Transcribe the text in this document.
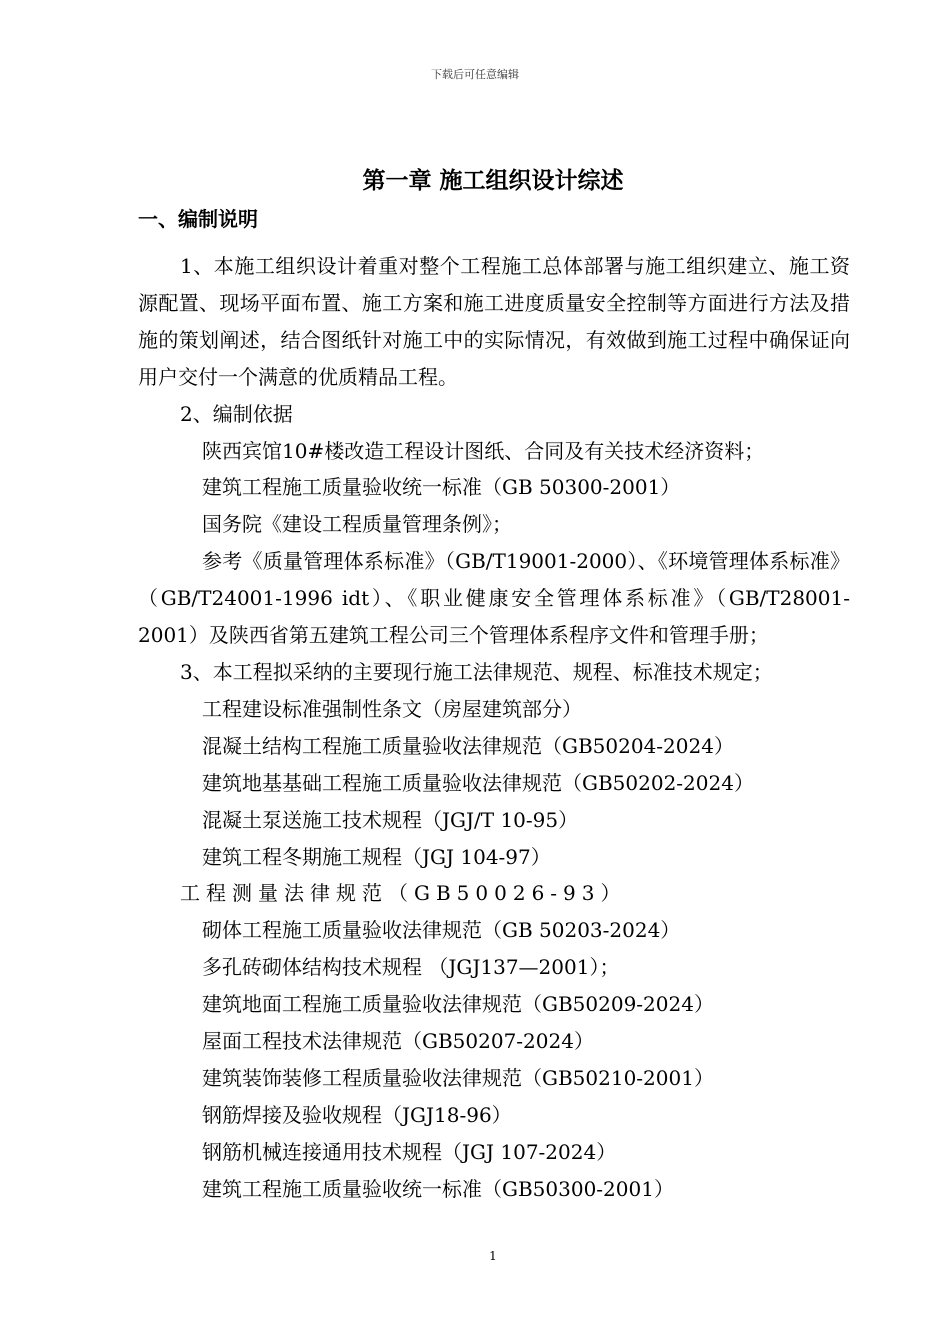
下载后可任意编辑
第一章 施工组织设计综述
一、编制说明

1、本施工组织设计着重对整个工程施工总体部署与施工组织建立、施工资源配置、现场平面布置、施工方案和施工进度质量安全控制等方面进行方法及措施的策划阐述，结合图纸针对施工中的实际情况，有效做到施工过程中确保证向用户交付一个满意的优质精品工程。

2、编制依据

陕西宾馆10#楼改造工程设计图纸、合同及有关技术经济资料；

建筑工程施工质量验收统一标准（GB 50300-2001）

国务院《建设工程质量管理条例》；

参考《质量管理体系标准》（GB/T19001-2000）、《环境管理体系标准》（GB/T24001-1996 idt）、《职业健康安全管理体系标准》（GB/T28001-2001）及陕西省第五建筑工程公司三个管理体系程序文件和管理手册；

3、本工程拟采纳的主要现行施工法律规范、规程、标准技术规定；

工程建设标准强制性条文（房屋建筑部分）

混凝土结构工程施工质量验收法律规范（GB50204-2024）

建筑地基基础工程施工质量验收法律规范（GB50202-2024）

混凝土泵送施工技术规程（JGJ/T 10-95）

建筑工程冬期施工规程（JGJ 104-97）

工程测量法律规范（GB50026-93）

砌体工程施工质量验收法律规范（GB 50203-2024）

多孔砖砌体结构技术规程 （JGJ137—2001）；

建筑地面工程施工质量验收法律规范（GB50209-2024）

屋面工程技术法律规范（GB50207-2024）

建筑装饰装修工程质量验收法律规范（GB50210-2001）

钢筋焊接及验收规程（JGJ18-96）

钢筋机械连接通用技术规程（JGJ 107-2024）

建筑工程施工质量验收统一标准（GB50300-2001）

1
